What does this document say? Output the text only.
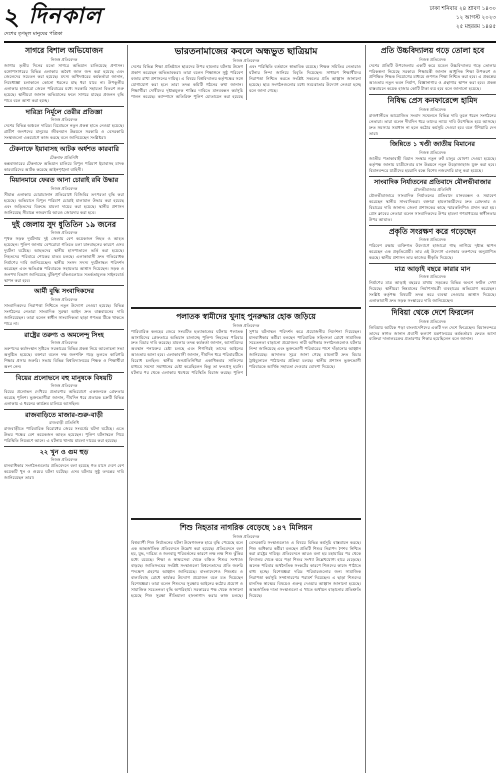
২ দিনকাল
দেশের তৃণমূল মানুষের পত্রিকা
ঢাকা শনিবার ২৪ শ্রাবণ ১৪৩০
১২ আগস্ট ২০২৩
২৫ মহররম ১৪৪৫
সাগরে বিশাল অভিযোজন
নিজস্ব প্রতিবেদক
জাগার তৃতীয় দিনের মতো সাগরে অভিযান চালিয়েছে প্রশাসন। বঙ্গোপসাগরের বিভিন্ন এলাকায় অবৈধ জাল জব্দ করা হয়েছে এবং জেলেদের সচেতন করা হয়েছে। মৎস্য অধিদপ্তরের কর্মকর্তারা জানান, নিষেধাজ্ঞা চলাকালে কোনো ধরনের মাছ ধরা যাবে না। উপকূলীয় এলাকার হাজারো জেলে পরিবারের মধ্যে সরকারি সহায়তা বিতরণ শুরু হয়েছে। স্থানীয়রা জানান অভিযানের ফলে সাগরে মাছের প্রজনন বৃদ্ধি পাবে বলে আশা করা হচ্ছে।
দারিদ্র্য নির্মূলে তেরীর প্রতিজ্ঞা
নিজস্ব প্রতিবেদক
দেশের বিভিন্ন অঞ্চলে দারিদ্র্য বিমোচনে নতুন প্রকল্প হাতে নেওয়া হয়েছে। গ্রামীণ জনপদের মানুষের জীবনমান উন্নয়নে সরকারি ও বেসরকারি সংস্থাগুলো একযোগে কাজ করছে বলে জানিয়েছেন সংশ্লিষ্টরা।
টেকনাফে ইয়াবাসহ আটক অর্ধশত কারবারি
টেকনাফ প্রতিনিধি
কক্সবাজারের টেকনাফে অভিযান চালিয়ে বিপুল পরিমাণ ইয়াবাসহ মাদক কারবারিদের আটক করেছে আইনশৃঙ্খলা বাহিনী।
মিয়ানমারে ফেরত আনা চোরাই রবি উদ্ধার
নিজস্ব প্রতিবেদক
সীমান্ত এলাকায় চোরাচালান প্রতিরোধে বিজিবির তৎপরতা বৃদ্ধি করা হয়েছে। অভিযানে বিপুল পরিমাণ চোরাই মালামাল উদ্ধার করা হয়েছে এবং জড়িতদের বিরুদ্ধে মামলা দায়ের করা হয়েছে। স্থানীয় প্রশাসন জানিয়েছে সীমান্তে নজরদারি আরও জোরদার করা হবে।
দুই জেলায় সুদ ধুতিতিন ১৯ জনের
নিজস্ব প্রতিবেদক
পৃথক সড়ক দুর্ঘটনায় দুই জেলায় বেশ কয়েকজন নিহত ও আহত হয়েছেন। পুলিশ জানায় বেপরোয়া গতিতে চলা যানবাহনের কারণে এসব দুর্ঘটনা ঘটেছে। আহতদের স্থানীয় হাসপাতালে ভর্তি করা হয়েছে। নিহতদের পরিবারে শোকের মাতম চলছে। এলাকাবাসী দ্রুত গতিরোধক নির্মাণের দাবি জানিয়েছেন। স্থানীয় সংসদ সদস্য দুর্ঘটনাস্থল পরিদর্শন করেছেন এবং ক্ষতিগ্রস্ত পরিবারকে সহায়তার আশ্বাস দিয়েছেন। সড়ক ও জনপথ বিভাগ জানিয়েছে ঝুঁকিপূর্ণ বাঁকগুলোতে সতর্কতামূলক সাইনবোর্ড স্থাপন করা হবে।
আর্মী বুদ্ধি সংবাদিকদের
নিজস্ব প্রতিবেদক
সাংবাদিকদের নিরাপত্তা নিশ্চিতে নতুন উদ্যোগ নেওয়া হয়েছে। বিভিন্ন সংগঠনের নেতারা সাংবাদিক সুরক্ষা আইন দ্রুত বাস্তবায়নের দাবি জানিয়েছেন। তারা বলেন স্বাধীন সাংবাদিকতা ছাড়া গণতন্ত্র টিকে থাকতে পারে না।
রাষ্ট্রের তরুণ্য ও অমলেন্দু সিংহ
নিজস্ব প্রতিবেদক
তরুণদের কর্মসংস্থান সৃষ্টিতে সরকারের বিভিন্ন প্রকল্প নিয়ে আলোচনা সভা অনুষ্ঠিত হয়েছে। বক্তারা বলেন দক্ষ জনশক্তি গড়ে তুলতে কারিগরি শিক্ষার প্রসার জরুরি। সভায় বিভিন্ন বিশ্ববিদ্যালয়ের শিক্ষক ও শিক্ষার্থীরা অংশ নেন।
বিয়ের প্রলোভনে বহু মানুষকে বিষয়টি
নিজস্ব প্রতিবেদক
বিয়ের প্রলোভন দেখিয়ে প্রতারণার অভিযোগে একজনকে গ্রেফতার করেছে পুলিশ। ভুক্তভোগীরা জানান, দীর্ঘদিন ধরে প্রতারক চক্রটি বিভিন্ন এলাকায় এ ধরনের কার্যক্রম চালিয়ে আসছিল।
রাজবাড়িতে মাজার-শুরু-বাড়ী
রাজবাড়ী প্রতিনিধি
রাজবাড়ীতে পারিবারিক বিরোধের জেরে সংঘর্ষের ঘটনা ঘটেছে। এতে উভয় পক্ষের বেশ কয়েকজন আহত হয়েছেন। পুলিশ ঘটনাস্থলে গিয়ে পরিস্থিতি নিয়ন্ত্রণে আনে। এ ঘটনায় থানায় মামলা দায়ের করা হয়েছে।
২২ খুন ও গুম হুড়
নিজস্ব প্রতিবেদক
মানবাধিকার সংগঠনগুলোর প্রতিবেদনে বলা হয়েছে গত মাসে দেশে বেশ কয়েকটি খুন ও গুমের ঘটনা ঘটেছে। এসব ঘটনার সুষ্ঠু তদন্তের দাবি জানিয়েছেন তারা।
ভারতনামাজের কবলে অন্ধভুত ছাত্রিয়াম
নিজস্ব প্রতিবেদক
দেশের বিভিন্ন শিক্ষা প্রতিষ্ঠানে ছাত্রদের উপর হামলার ঘটনায় উদ্বেগ প্রকাশ করেছেন অভিভাবকরা। তারা বলেন শিক্ষাঙ্গনে সুষ্ঠু পরিবেশ বজায় রাখা প্রশাসনের দায়িত্ব। এ বিষয়ে বিশ্ববিদ্যালয় কর্তৃপক্ষের সঙ্গে যোগাযোগ করা হলে তারা তদন্ত কমিটি গঠনের কথা জানান। শিক্ষার্থীরা দোষীদের দৃষ্টান্তমূলক শাস্তির দাবিতে মানববন্ধন কর্মসূচি পালন করেছে। ক্যাম্পাসে অতিরিক্ত পুলিশ মোতায়েন করা হয়েছে এবং পরিস্থিতি বর্তমানে স্বাভাবিক রয়েছে। শিক্ষক সমিতির নেতারাও ঘটনার নিন্দা জানিয়ে বিবৃতি দিয়েছেন। সাধারণ শিক্ষার্থীদের নিরাপত্তা নিশ্চিত করতে সংশ্লিষ্ট সকলের প্রতি আহ্বান জানানো হয়েছে। ছাত্র সংগঠনগুলোর মধ্যে সমঝোতার উদ্যোগ নেওয়া হচ্ছে বলে জানা গেছে।
পলাতক স্বামীদের খুনাহ পুনরুদ্ধার হোক জড়িয়ে
নিজস্ব প্রতিবেদক
পারিবারিক কলহের জেরে সংঘটিত হত্যাকাণ্ডের ঘটনায় পলাতক আসামিদের গ্রেফতারে অভিযান চালাচ্ছে পুলিশ। নিহতের পরিবার দ্রুত বিচার দাবি করেছে। মামলার তদন্ত কর্মকর্তা জানান, আসামিদের অবস্থান শনাক্তের চেষ্টা চলছে এবং শিগগিরই তাদের আইনের আওতায় আনা হবে। এলাকাবাসী জানান, দীর্ঘদিন ধরে পরিবারটিতে বিরোধ চলছিল। স্থানীয় জনপ্রতিনিধিরা একাধিকবার সালিশের মাধ্যমে সমস্যা সমাধানের চেষ্টা করেছিলেন কিন্তু তা ফলপ্রসূ হয়নি। ঘটনার পর থেকে এলাকায় থমথমে পরিস্থিতি বিরাজ করছে। পুলিশ সুপার ঘটনাস্থল পরিদর্শন করে প্রয়োজনীয় নির্দেশনা দিয়েছেন। মানবাধিকার কর্মীরা বলছেন পারিবারিক সহিংসতা রোধে সামাজিক সচেতনতা বাড়ানো প্রয়োজন। নারী অধিকার সংগঠনগুলোও ঘটনার নিন্দা জানিয়েছে এবং ভুক্তভোগী পরিবারের পাশে দাঁড়ানোর আহ্বান জানিয়েছে। আদালত সূত্রে জানা গেছে মামলাটি দ্রুত বিচার ট্রাইব্যুনালে পাঠানোর প্রক্রিয়া চলছে। স্থানীয় প্রশাসন ভুক্তভোগী পরিবারকে আর্থিক সহায়তা দেওয়ার ঘোষণা দিয়েছে।
শিশু নিহতার নাগরিক বেড়েছে ১৪৭ মিলিয়ন
নিজস্ব প্রতিবেদক
বিশ্বব্যাপী শিশু নির্যাতনের ঘটনা উদ্বেগজনক হারে বৃদ্ধি পেয়েছে বলে এক আন্তর্জাতিক প্রতিবেদনে উল্লেখ করা হয়েছে। প্রতিবেদনে বলা হয়, যুদ্ধ, দারিদ্র্য ও জলবায়ু পরিবর্তনের কারণে লক্ষ লক্ষ শিশু ঝুঁকির মধ্যে রয়েছে। শিক্ষা ও স্বাস্থ্যসেবা থেকে বঞ্চিত শিশুর সংখ্যাও বাড়ছে। জাতিসংঘের সংশ্লিষ্ট সংস্থাগুলো বিশ্বনেতাদের প্রতি জরুরি পদক্ষেপ গ্রহণের আহ্বান জানিয়েছে। বাংলাদেশেও শিশুশ্রম ও বাল্যবিবাহ রোধে কার্যকর উদ্যোগ প্রয়োজন বলে মত দিয়েছেন বিশেষজ্ঞরা। তারা বলেন শিশুদের সুরক্ষায় আইনের কঠোর প্রয়োগ ও সামাজিক সচেতনতা বৃদ্ধি অপরিহার্য। সরকারের পক্ষ থেকে জানানো হয়েছে শিশু সুরক্ষা নীতিমালা হালনাগাদ করার কাজ চলছে। বেসরকারি সংস্থাগুলোও এ বিষয়ে বিভিন্ন কর্মসূচি বাস্তবায়ন করছে। শিশু অধিকার কর্মীরা বলছেন প্রতিটি শিশুর নিরাপদ শৈশব নিশ্চিত করা রাষ্ট্রের দায়িত্ব। প্রতিবেদনে আরও বলা হয় মহামারির পর থেকে বিদ্যালয় থেকে ঝরে পড়া শিশুর সংখ্যা উল্লেখযোগ্য হারে বেড়েছে। অনেক পরিবার অর্থনৈতিক সংকটের কারণে শিশুদের কাজে পাঠাতে বাধ্য হচ্ছে। বিশেষজ্ঞরা দরিদ্র পরিবারগুলোর জন্য সামাজিক নিরাপত্তা কর্মসূচি সম্প্রসারণের পরামর্শ দিয়েছেন। এ ছাড়া শিশুদের মানসিক স্বাস্থ্যের বিষয়েও গুরুত্ব দেওয়ার আহ্বান জানানো হয়েছে। আন্তর্জাতিক দাতা সংস্থাগুলো এ খাতে অর্থায়ন বাড়ানোর প্রতিশ্রুতি দিয়েছে।
প্রতি উচ্চবিদ্যালয় গড়ে তোলা হবে
নিজস্ব প্রতিবেদক
দেশের প্রতিটি উপজেলায় একটি করে মডেল উচ্চবিদ্যালয় গড়ে তোলার পরিকল্পনা নিয়েছে সরকার। শিক্ষামন্ত্রী জানান আধুনিক শিক্ষা উপকরণ ও প্রশিক্ষিত শিক্ষক নিয়োগের মাধ্যমে গুণগত শিক্ষা নিশ্চিত করা হবে। এ প্রকল্পের আওতায় নতুন ভবন নির্মাণ, বিজ্ঞানাগার ও গ্রন্থাগার স্থাপন করা হবে। প্রকল্প বাস্তবায়নে কয়েক হাজার কোটি টাকা ব্যয় হবে বলে জানানো হয়েছে।
নিষিদ্ধ প্রেস কনফারেন্সে হামিদ
নিজস্ব প্রতিবেদক
রাজধানীতে আয়োজিত সংবাদ সম্মেলনে বিভিন্ন দাবি তুলে ধরেন সংগঠনের নেতারা। তারা বলেন দীর্ঘদিন ধরে তাদের ন্যায্য দাবি উপেক্ষিত হয়ে আসছে। দ্রুত সমস্যার সমাধান না হলে কঠোর কর্মসূচি দেওয়া হবে বলে হুঁশিয়ারি দেন তারা।
জিন্নিতে ১ খণ্ডী জাতীয় বিমানের
নিজস্ব প্রতিবেদক
জাতীয় পতাকাবাহী বিমান সংস্থার নতুন রুট চালুর ঘোষণা দেওয়া হয়েছে। কর্তৃপক্ষ জানায় যাত্রীসেবার মান উন্নয়নে নতুন উড়োজাহাজ যুক্ত করা হবে। বিমানবন্দরে যাত্রীদের হয়রানি বন্ধে বিশেষ নজরদারি চালু করা হয়েছে।
সাংবাদিক নির্যাতনের প্রতিবাদে মৌলভীবাজার
মৌলভীবাজার প্রতিনিধি
মৌলভীবাজারে সাংবাদিক নির্যাতনের প্রতিবাদে মানববন্ধন ও সমাবেশ করেছেন স্থানীয় সাংবাদিকরা। বক্তারা হামলাকারীদের দ্রুত গ্রেফতার ও বিচারের দাবি জানান। জেলা প্রশাসকের কাছে স্মারকলিপিও প্রদান করা হয়। প্রেস ক্লাবের নেতারা বলেন সাংবাদিকদের উপর হামলা গণমাধ্যমের স্বাধীনতার উপর আঘাত।
প্রকৃতি সংরক্ষণ করে গড়েছেন
নিজস্ব প্রতিবেদক
পরিবেশ রক্ষায় ব্যক্তিগত উদ্যোগে হাজারো গাছ লাগিয়ে দৃষ্টান্ত স্থাপন করেছেন এক প্রকৃতিপ্রেমী। তার এই উদ্যোগ এলাকার তরুণদের অনুপ্রাণিত করছে। স্থানীয় প্রশাসন তার কাজের স্বীকৃতি দিয়েছে।
মাত্র আড়াই বছরে কারার মান
নিজস্ব প্রতিবেদক
নির্মাণের মাত্র আড়াই বছরের মাথায় সড়কের বিভিন্ন অংশে ফাটল দেখা দিয়েছে। স্থানীয়রা নিম্নমানের নির্মাণসামগ্রী ব্যবহারের অভিযোগ করেছেন। সংশ্লিষ্ট কর্তৃপক্ষ বিষয়টি তদন্ত করে ব্যবস্থা নেওয়ার আশ্বাস দিয়েছে। এলাকাবাসী দ্রুত সড়ক সংস্কারের দাবি জানিয়েছেন।
দিবিয়া থেকে দেশে ফিরলেন
নিজস্ব প্রতিবেদক
লিবিয়ায় আটকে পড়া বাংলাদেশিদের একটি দল দেশে ফিরেছেন। বিমানবন্দরে তাদের স্বাগত জানান প্রবাসী কল্যাণ মন্ত্রণালয়ের কর্মকর্তারা। ফেরত আসা ব্যক্তিরা দালালচক্রের প্রতারণার শিকার হয়েছিলেন বলে জানান।
